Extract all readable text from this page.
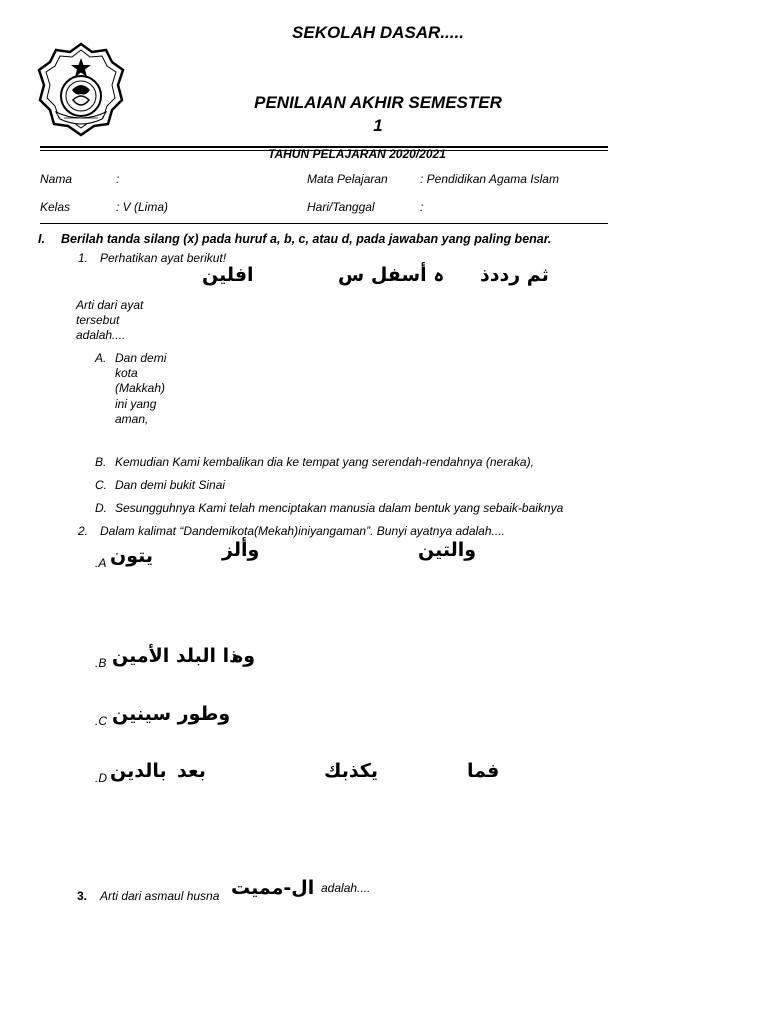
SEKOLAH DASAR.....
PENILAIAN AKHIR SEMESTER
1
TAHUN PELAJARAN 2020/2021
Nama	:	Mata Pelajaran	: Pendidikan Agama Islam
Kelas	: V (Lima)	Hari/Tanggal	:
I. Berilah tanda silang (x) pada huruf a, b, c, atau d, pada jawaban yang paling benar.
1. Perhatikan ayat berikut!
ثم رددذ
ہ أسفل س
افلين
Arti dari ayat
tersebut
adalah....
A. Dan demi
kota
(Makkah)
ini yang
aman,
B. Kemudian Kami kembalikan dia ke tempat yang serendah-rendahnya (neraka),
C. Dan demi bukit Sinai
D. Sesungguhnya Kami telah menciptakan manusia dalam bentuk yang sebaik-baiknya
2. Dalam kalimat “Dandemikota(Mekah)iniyangaman”. Bunyi ayatnya adalah....
.A يتون	وألز	والتين
.B ذا البلد الأمين
وه
.C وطور سينين
.D بالدين بعد	يكذبك	فما
3. Arti dari asmaul husna ال-مميت adalah....
